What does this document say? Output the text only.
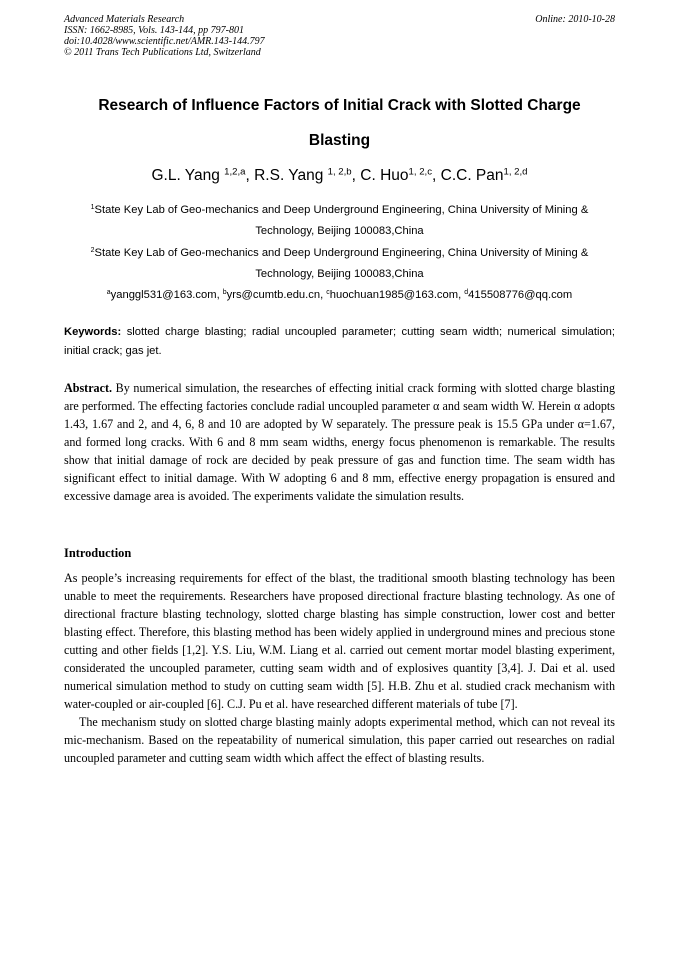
Advanced Materials Research
ISSN: 1662-8985, Vols. 143-144, pp 797-801
doi:10.4028/www.scientific.net/AMR.143-144.797
© 2011 Trans Tech Publications Ltd, Switzerland
Online: 2010-10-28
Research of Influence Factors of Initial Crack with Slotted Charge
Blasting
G.L. Yang $^{1,2,a}$, R.S. Yang $^{1, 2,b}$, C. Huo$^{1, 2,c}$, C.C. Pan$^{1, 2,d}$
$^1$State Key Lab of Geo-mechanics and Deep Underground Engineering, China University of Mining & Technology, Beijing 100083,China
$^2$State Key Lab of Geo-mechanics and Deep Underground Engineering, China University of Mining & Technology, Beijing 100083,China
$^a$yanggl531@163.com, $^b$yrs@cumtb.edu.cn, $^c$huochuan1985@163.com, $^d$415508776@qq.com
Keywords: slotted charge blasting; radial uncoupled parameter; cutting seam width; numerical simulation; initial crack; gas jet.
Abstract. By numerical simulation, the researches of effecting initial crack forming with slotted charge blasting are performed. The effecting factories conclude radial uncoupled parameter α and seam width W. Herein α adopts 1.43, 1.67 and 2, and 4, 6, 8 and 10 are adopted by W separately. The pressure peak is 15.5 GPa under α=1.67, and formed long cracks. With 6 and 8 mm seam widths, energy focus phenomenon is remarkable. The results show that initial damage of rock are decided by peak pressure of gas and function time. The seam width has significant effect to initial damage. With W adopting 6 and 8 mm, effective energy propagation is ensured and excessive damage area is avoided. The experiments validate the simulation results.
Introduction

As people’s increasing requirements for effect of the blast, the traditional smooth blasting technology has been unable to meet the requirements. Researchers have proposed directional fracture blasting technology. As one of directional fracture blasting technology, slotted charge blasting has simple construction, lower cost and better blasting effect. Therefore, this blasting method has been widely applied in underground mines and precious stone cutting and other fields [1,2]. Y.S. Liu, W.M. Liang et al. carried out cement mortar model blasting experiment, considerated the uncoupled parameter, cutting seam width and of explosives quantity [3,4]. J. Dai et al. used numerical simulation method to study on cutting seam width [5]. H.B. Zhu et al. studied crack mechanism with water-coupled or air-coupled [6]. C.J. Pu et al. have researched different materials of tube [7].

The mechanism study on slotted charge blasting mainly adopts experimental method, which can not reveal its mic-mechanism. Based on the repeatability of numerical simulation, this paper carried out researches on radial uncoupled parameter and cutting seam width which affect the effect of blasting results.
